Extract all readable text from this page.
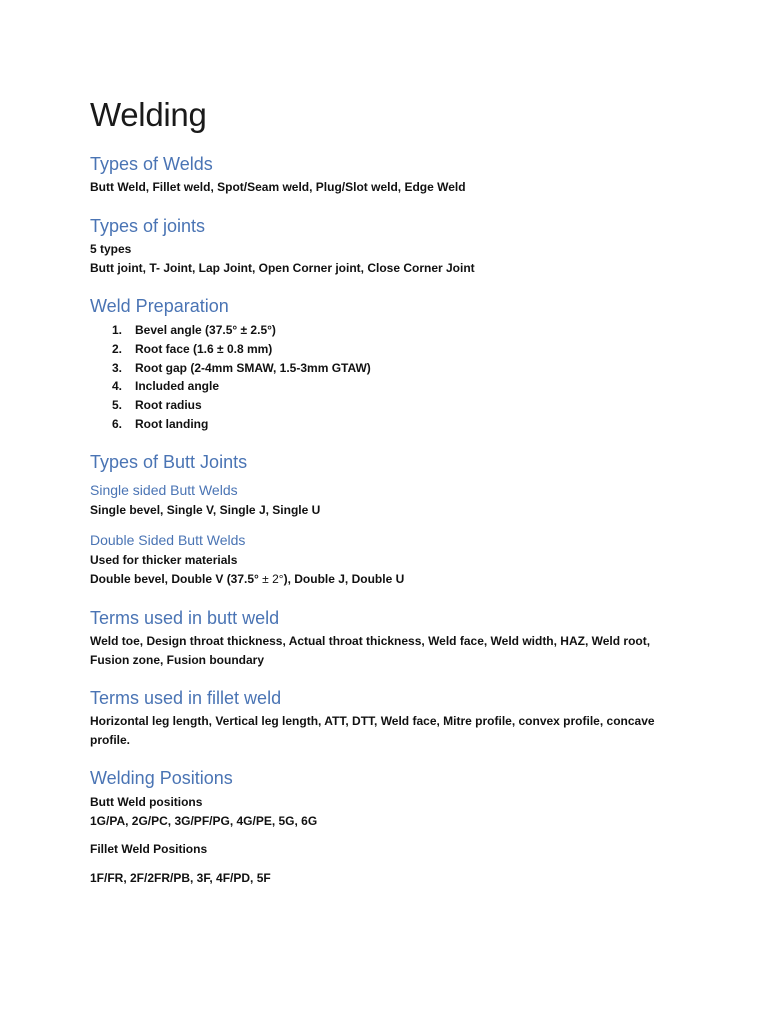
Welding
Types of Welds

Butt Weld, Fillet weld, Spot/Seam weld, Plug/Slot weld, Edge Weld

Types of joints

5 types

Butt joint, T- Joint, Lap Joint, Open Corner joint, Close Corner Joint

Weld Preparation
1.	Bevel angle (37.5° ± 2.5°)
2.	Root face (1.6 ± 0.8 mm)
3.	Root gap (2-4mm SMAW, 1.5-3mm GTAW)
4.	Included angle
5.	Root radius
6.	Root landing
Types of Butt Joints
Single sided Butt Welds

Single bevel, Single V, Single J, Single U

Double Sided Butt Welds

Used for thicker materials

Double bevel, Double V (37.5° ± 2°), Double J, Double U

Terms used in butt weld

Weld toe, Design throat thickness, Actual throat thickness, Weld face, Weld width, HAZ, Weld root, Fusion zone, Fusion boundary

Terms used in fillet weld

Horizontal leg length, Vertical leg length, ATT, DTT, Weld face, Mitre profile, convex profile, concave profile.

Welding Positions

Butt Weld positions

1G/PA, 2G/PC, 3G/PF/PG, 4G/PE, 5G, 6G

Fillet Weld Positions

1F/FR, 2F/2FR/PB, 3F, 4F/PD, 5F
